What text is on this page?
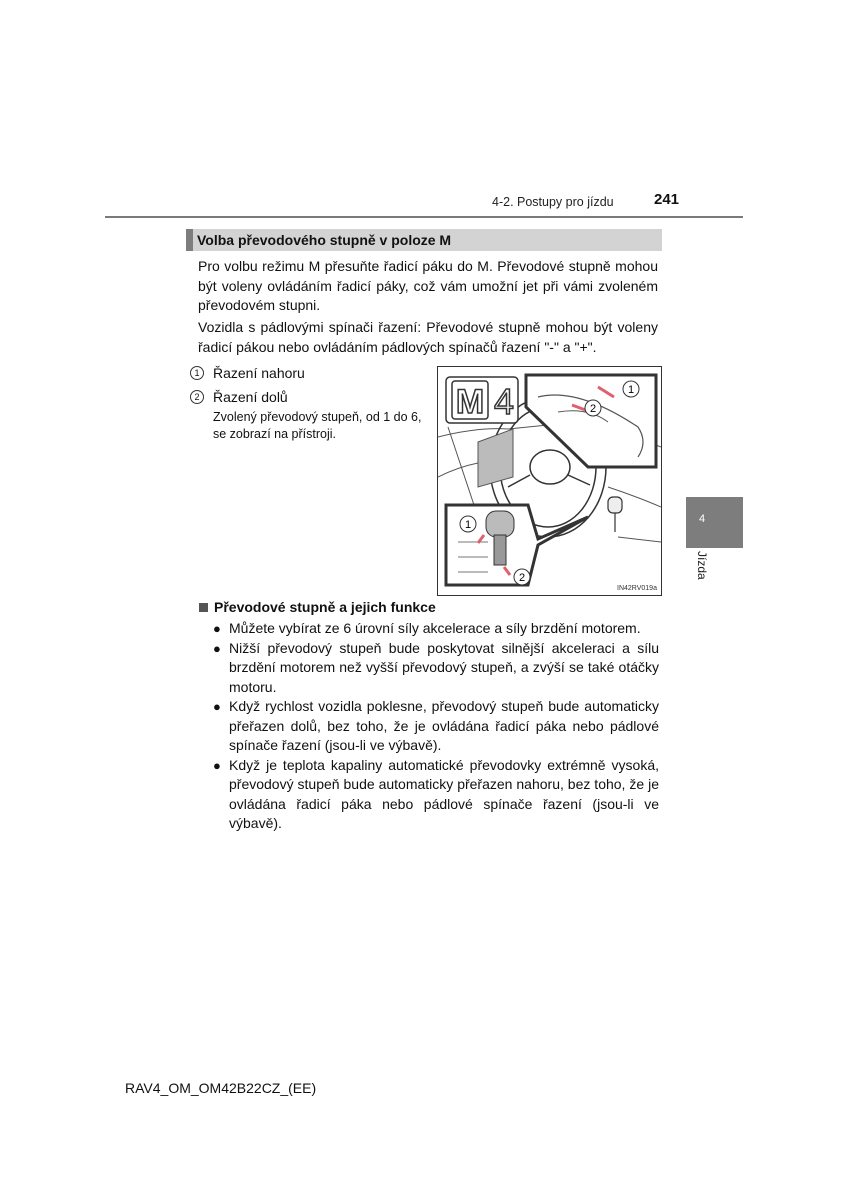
4-2. Postupy pro jízdu	241
Volba převodového stupně v poloze M
Pro volbu režimu M přesuňte řadicí páku do M. Převodové stupně mohou být voleny ovládáním řadicí páky, což vám umožní jet při vámi zvoleném převodovém stupni.
Vozidla s pádlovými spínači řazení: Převodové stupně mohou být voleny řadicí pákou nebo ovládáním pádlových spínačů řazení "-" a "+".
1 Řazení nahoru
2 Řazení dolů
Zvolený převodový stupeň, od 1 do 6, se zobrazí na přístroji.
M 4	1
2
1
2
IN42RV019a
4
Jízda
Převodové stupně a jejich funkce
● Můžete vybírat ze 6 úrovní síly akcelerace a síly brzdění motorem.
● Nižší převodový stupeň bude poskytovat silnější akceleraci a sílu brzdění motorem než vyšší převodový stupeň, a zvýší se také otáčky motoru.
● Když rychlost vozidla poklesne, převodový stupeň bude automaticky přeřazen dolů, bez toho, že je ovládána řadicí páka nebo pádlové spínače řazení (jsou-li ve výbavě).
● Když je teplota kapaliny automatické převodovky extrémně vysoká, převodový stupeň bude automaticky přeřazen nahoru, bez toho, že je ovládána řadicí páka nebo pádlové spínače řazení (jsou-li ve výbavě).
RAV4_OM_OM42B22CZ_(EE)
